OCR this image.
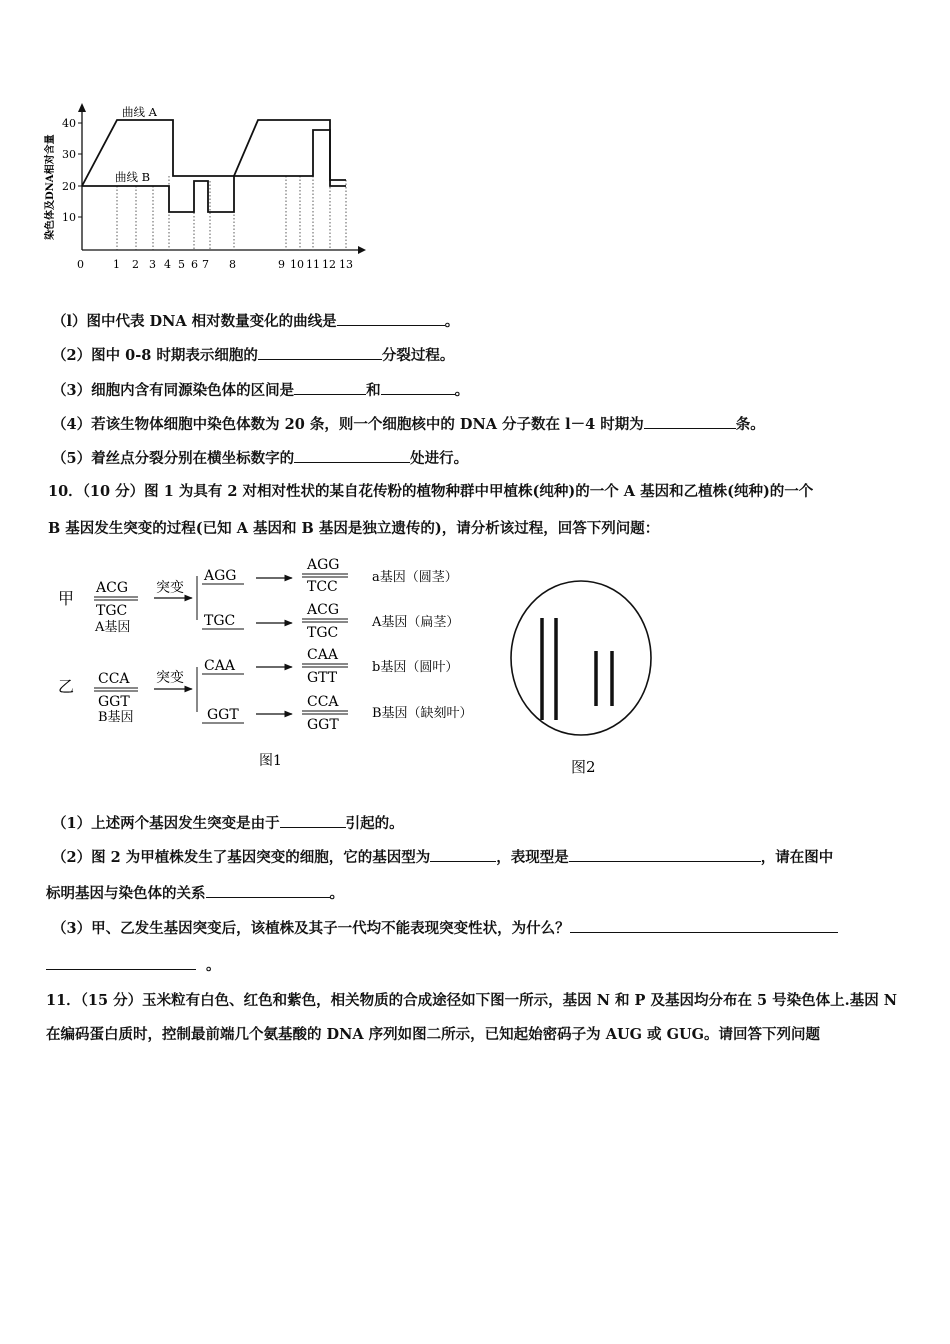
染色体及DNA相对含量
40
30
20
10
曲线 A
曲线 B
0	1 2 3 4 5 6 7 8	9 10 11 12 13
（l）图中代表 DNA 相对数量变化的曲线是	。
（2）图中 0-8 时期表示细胞的	分裂过程。
（3）细胞内含有同源染色体的区间是	和	。
（4）若该生物体细胞中染色体数为 20 条，则一个细胞核中的 DNA 分子数在 l－4 时期为	条。
（5）着丝点分裂分别在横坐标数字的	处进行。
10．（10 分）图 1 为具有 2 对相对性状的某自花传粉的植物种群中甲植株(纯种)的一个 A 基因和乙植株(纯种)的一个
B 基因发生突变的过程(已知 A 基因和 B 基因是独立遗传的)，请分析该过程，回答下列问题：
甲
ACG
TGC
A基因
突变
AGG
AGG
TCC
a基因（圆茎）
TGC
ACG
TGC
A基因（扁茎）
乙 CCA
GGT
B基因
突变
CAA
CAA
GTT
b基因（圆叶）
GGT
CCA
GGT
B基因（缺刻叶）
图1	图2
（1）上述两个基因发生突变是由于	引起的。
（2）图 2 为甲植株发生了基因突变的细胞，它的基因型为	，表现型是	，请在图中
标明基因与染色体的关系	。
（3）甲、乙发生基因突变后，该植株及其子一代均不能表现突变性状，为什么？
。
11．（15 分）玉米粒有白色、红色和紫色，相关物质的合成途径如下图一所示，基因 N 和 P 及基因均分布在 5 号染色体上.基因 N 在编码蛋白质时，控制最前端几个氨基酸的 DNA 序列如图二所示，已知起始密码子为 AUG 或 GUG。请回答下列问题
